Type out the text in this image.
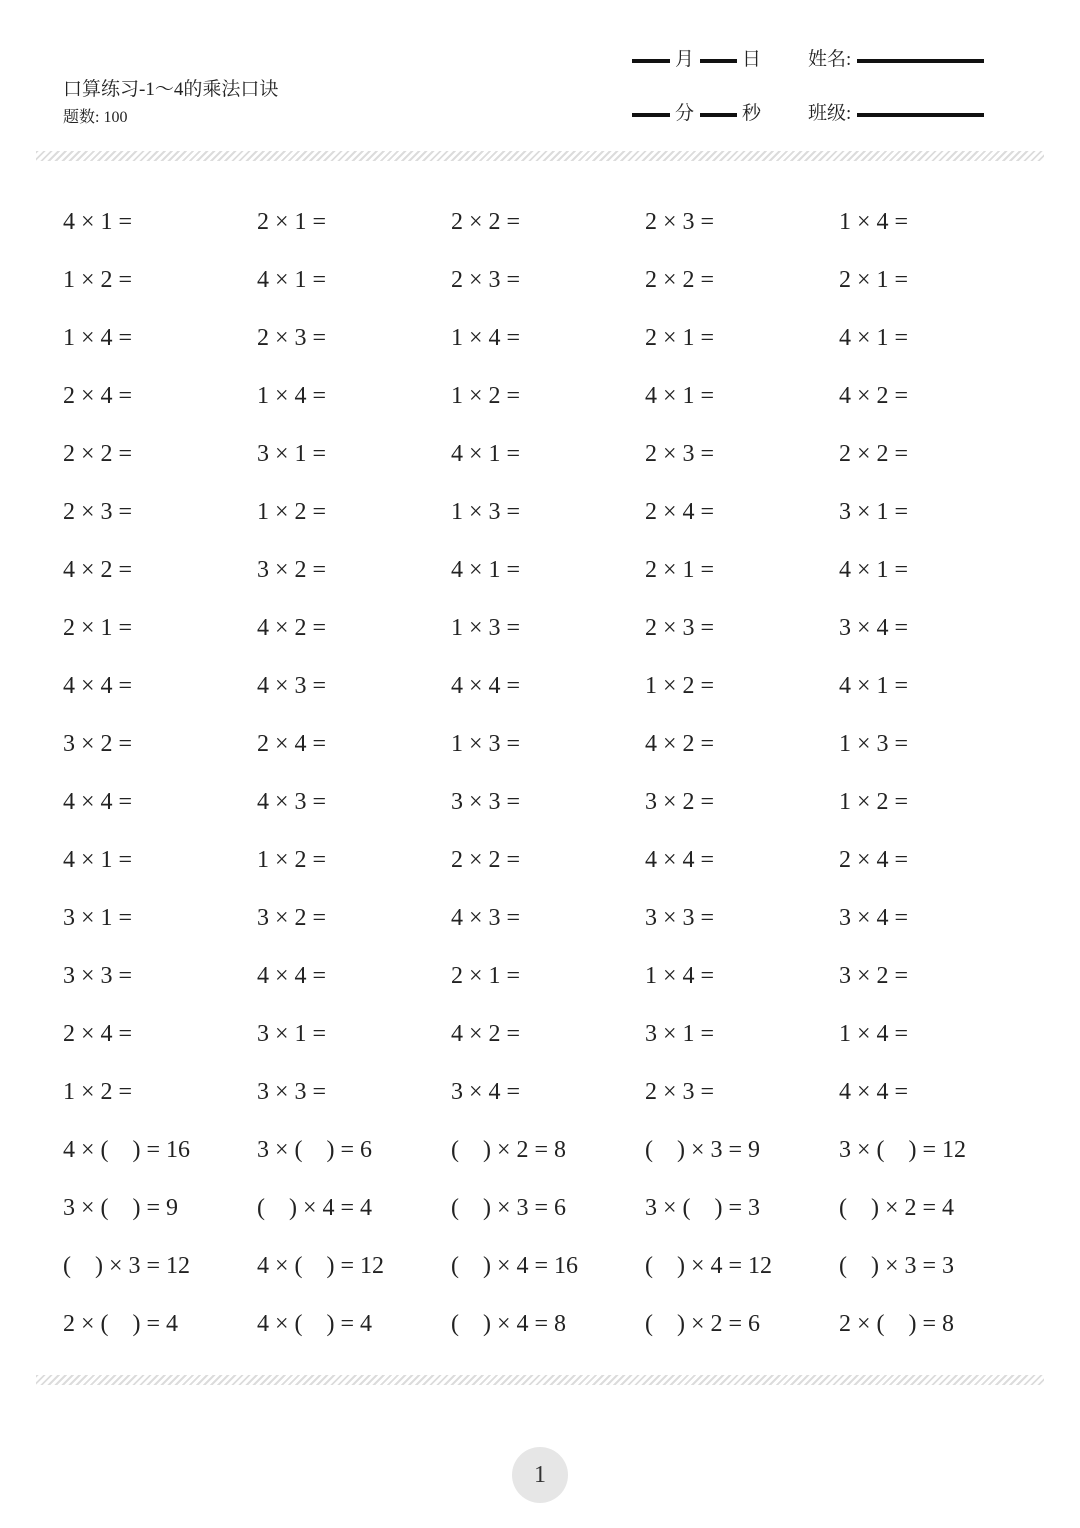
口算练习-1～4的乘法口诀
题数: 100
月	日 姓名:
分	秒 班级:
4 × 1 =	2 × 1 =	2 × 2 =	2 × 3 =	1 × 4 =
1 × 2 =	4 × 1 =	2 × 3 =	2 × 2 =	2 × 1 =
1 × 4 =	2 × 3 =	1 × 4 =	2 × 1 =	4 × 1 =
2 × 4 =	1 × 4 =	1 × 2 =	4 × 1 =	4 × 2 =
2 × 2 =	3 × 1 =	4 × 1 =	2 × 3 =	2 × 2 =
2 × 3 =	1 × 2 =	1 × 3 =	2 × 4 =	3 × 1 =
4 × 2 =	3 × 2 =	4 × 1 =	2 × 1 =	4 × 1 =
2 × 1 =	4 × 2 =	1 × 3 =	2 × 3 =	3 × 4 =
4 × 4 =	4 × 3 =	4 × 4 =	1 × 2 =	4 × 1 =
3 × 2 =	2 × 4 =	1 × 3 =	4 × 2 =	1 × 3 =
4 × 4 =	4 × 3 =	3 × 3 =	3 × 2 =	1 × 2 =
4 × 1 =	1 × 2 =	2 × 2 =	4 × 4 =	2 × 4 =
3 × 1 =	3 × 2 =	4 × 3 =	3 × 3 =	3 × 4 =
3 × 3 =	4 × 4 =	2 × 1 =	1 × 4 =	3 × 2 =
2 × 4 =	3 × 1 =	4 × 2 =	3 × 1 =	1 × 4 =
1 × 2 =	3 × 3 =	3 × 4 =	2 × 3 =	4 × 4 =
4 × (    ) = 16	3 × (    ) = 6	(    ) × 2 = 8	(    ) × 3 = 9	3 × (    ) = 12
3 × (    ) = 9	(    ) × 4 = 4	(    ) × 3 = 6	3 × (    ) = 3	(    ) × 2 = 4
(    ) × 3 = 12	4 × (    ) = 12	(    ) × 4 = 16	(    ) × 4 = 12	(    ) × 3 = 3
2 × (    ) = 4	4 × (    ) = 4	(    ) × 4 = 8	(    ) × 2 = 6	2 × (    ) = 8
1
